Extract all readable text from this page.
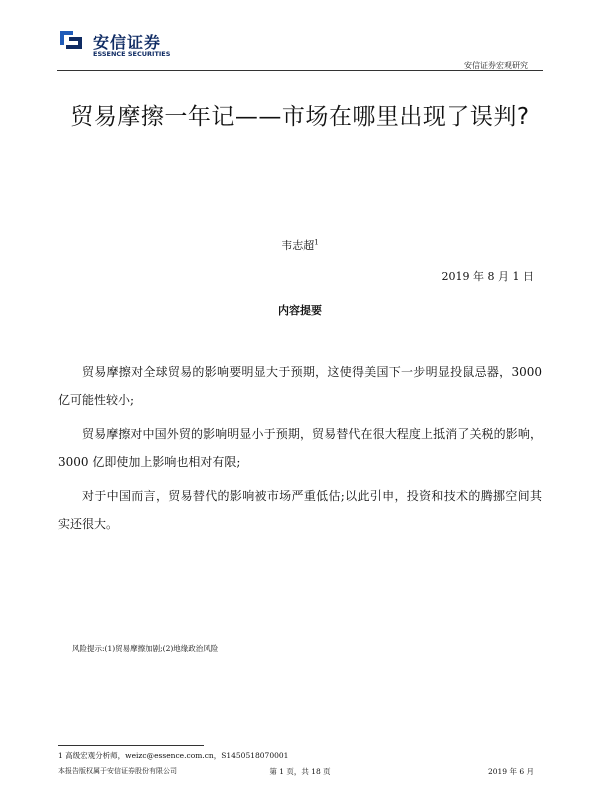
安信证券
ESSENCE SECURITIES
安信证券宏观研究
贸易摩擦一年记——市场在哪里出现了误判?
韦志超$^1$
2019 年 8 月 1 日
内容提要

贸易摩擦对全球贸易的影响要明显大于预期，这使得美国下一步明显投鼠忌器，3000 亿可能性较小;

贸易摩擦对中国外贸的影响明显小于预期，贸易替代在很大程度上抵消了关税的影响，3000 亿即使加上影响也相对有限;

对于中国而言，贸易替代的影响被市场严重低估;以此引申，投资和技术的腾挪空间其实还很大。

风险提示:(1)贸易摩擦加剧;(2)地缘政治风险
1 高级宏观分析师，weizc@essence.com.cn，S1450518070001
本报告版权属于安信证券股份有限公司	第 1 页，共 18 页	2019 年 6 月
